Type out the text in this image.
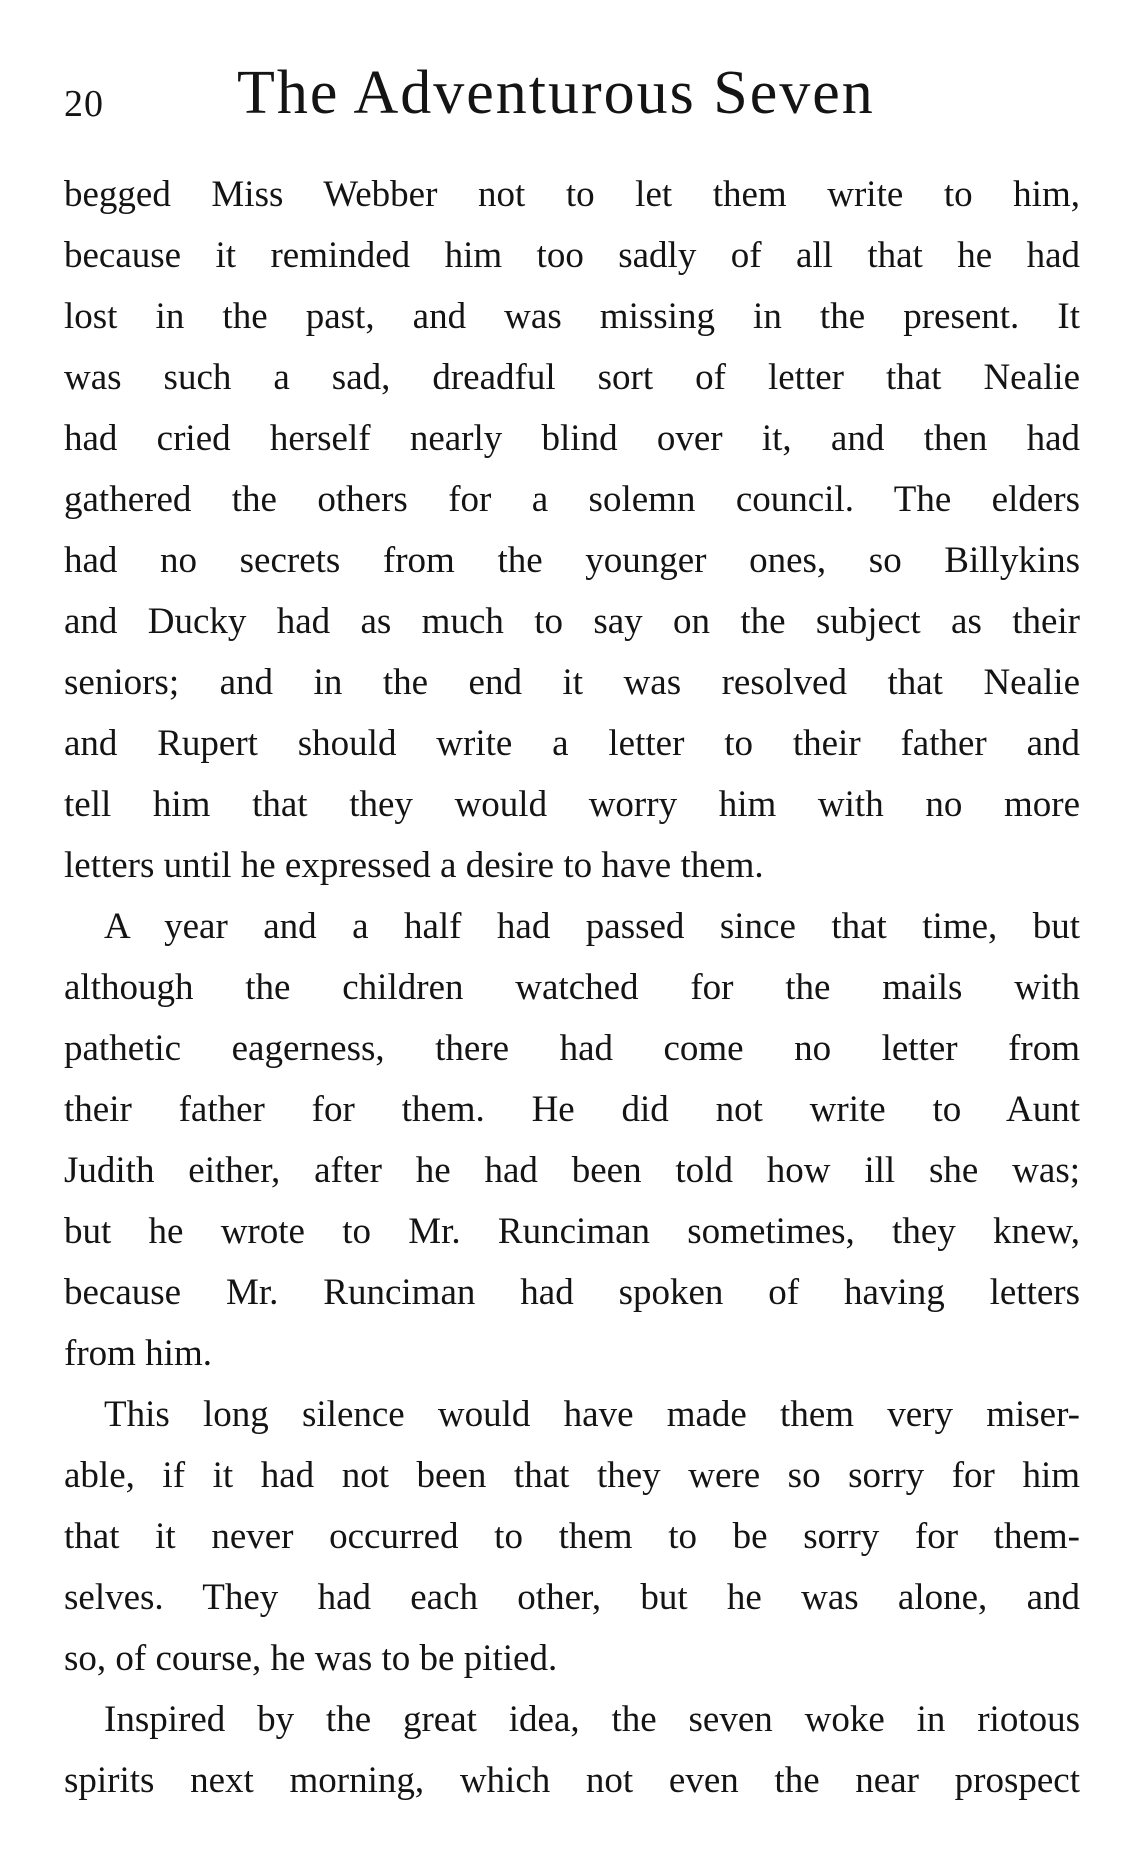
20 The Adventurous Seven
begged Miss Webber not to let them write to him,
because it reminded him too sadly of all that he had
lost in the past, and was missing in the present. It
was such a sad, dreadful sort of letter that Nealie
had cried herself nearly blind over it, and then had
gathered the others for a solemn council. The elders
had no secrets from the younger ones, so Billykins
and Ducky had as much to say on the subject as their
seniors; and in the end it was resolved that Nealie
and Rupert should write a letter to their father and
tell him that they would worry him with no more
letters until he expressed a desire to have them.
A year and a half had passed since that time, but
although the children watched for the mails with
pathetic eagerness, there had come no letter from
their father for them. He did not write to Aunt
Judith either, after he had been told how ill she was;
but he wrote to Mr. Runciman sometimes, they knew,
because Mr. Runciman had spoken of having letters
from him.
This long silence would have made them very miser-
able, if it had not been that they were so sorry for him
that it never occurred to them to be sorry for them-
selves. They had each other, but he was alone, and
so, of course, he was to be pitied.
Inspired by the great idea, the seven woke in riotous
spirits next morning, which not even the near prospect
